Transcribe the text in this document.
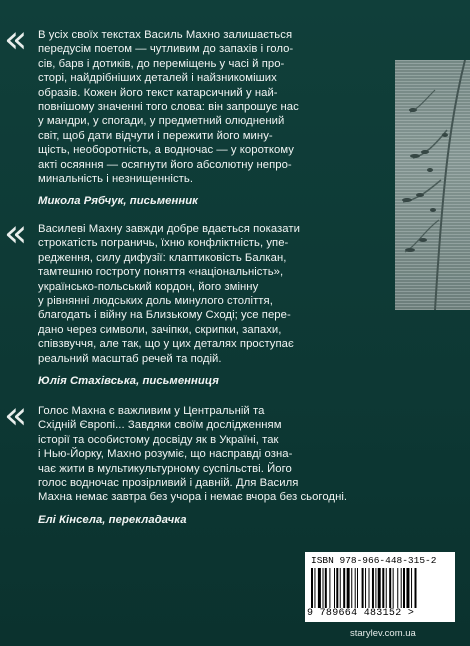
« В усіх своїх текстах Василь Махно залишається
передусім поетом — чутливим до запахів і голо-
сів, барв і дотиків, до переміщень у часі й про-
сторі, найдрібніших деталей і найзникоміших
образів. Кожен його текст катарсичний у най-
повнішому значенні того слова: він запрошує нас
у мандри, у спогади, у предметний олюднений
світ, щоб дати відчути і пережити його мину-
щість, необоротність, а водночас — у короткому
акті осяяння — осягнути його абсолютну непро-
минальність і незнищенність.
Микола Рябчук, письменник
« Василеві Махну завжди добре вдається показати
строкатість пограничь, їхню конфліктність, упе-
редження, силу дифузії: клаптиковість Балкан,
тамтешню гостроту поняття «національність»,
українсько-польський кордон, його змінну
у рівнянні людських доль минулого століття,
благодать і війну на Близькому Сході; усе пере-
дано через символи, зачіпки, скрипки, запахи,
співзвуччя, але так, що у цих деталях проступає
реальний масштаб речей та подій.
Юлія Стахівська, письменниця
« Голос Махна є важливим у Центральній та
Східній Європі... Завдяки своїм дослідженням
історії та особистому досвіду як в Україні, так
і Нью-Йорку, Махно розуміє, що насправді озна-
чає жити в мультикультурному суспільстві. Його
голос водночас прозірливий і давній. Для Василя
Махна немає завтра без учора і немає вчора без сьогодні.
Елі Кінсела, перекладачка
ISBN 978-966-448-315-2
9 789664 483152 >
starylev.com.ua
